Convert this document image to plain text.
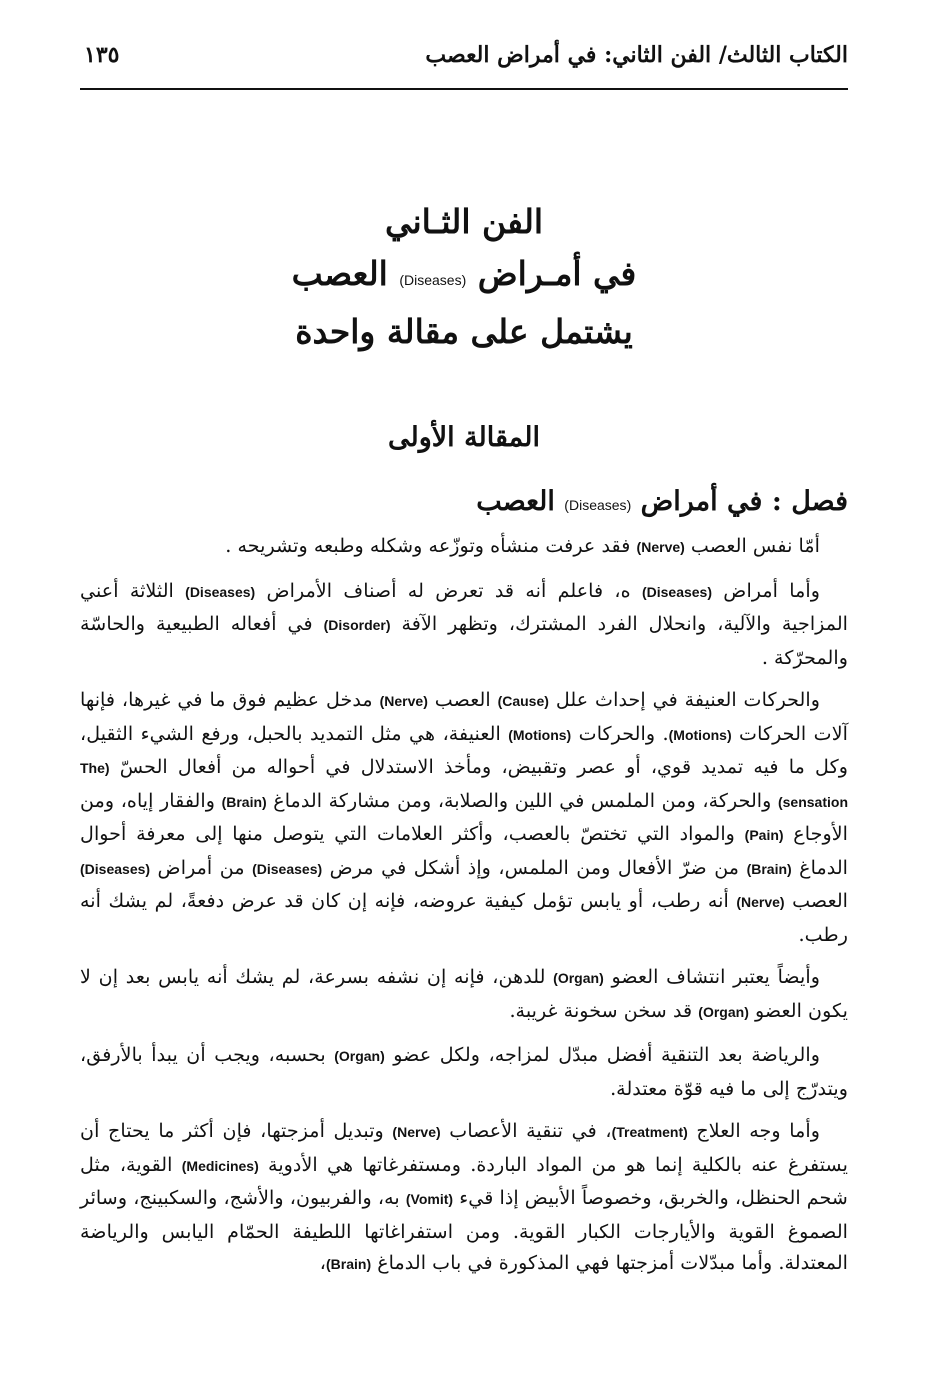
الكتاب الثالث/ الفن الثاني: في أمراض العصب
١٣٥
الفن الثـاني
في أمـراض (Diseases) العصب
يشتمل على مقالة واحدة
المقالة الأولى
فصل : في أمراض (Diseases) العصب

أمّا نفس العصب (Nerve) فقد عرفت منشأه وتوزّعه وشكله وطبعه وتشريحه .

وأما أمراض (Diseases) ه، فاعلم أنه قد تعرض له أصناف الأمراض (Diseases) الثلاثة أعني المزاجية والآلية، وانحلال الفرد المشترك، وتظهر الآفة (Disorder) في أفعاله الطبيعية والحاسّة والمحرّكة .

والحركات العنيفة في إحداث علل (Cause) العصب (Nerve) مدخل عظيم فوق ما في غيرها، فإنها آلات الحركات (Motions). والحركات (Motions) العنيفة، هي مثل التمديد بالحبل، ورفع الشيء الثقيل، وكل ما فيه تمديد قوي، أو عصر وتقبيض، ومأخذ الاستدلال في أحواله من أفعال الحسّ (The sensation) والحركة، ومن الملمس في اللين والصلابة، ومن مشاركة الدماغ (Brain) والفقار إياه، ومن الأوجاع (Pain) والمواد التي تختصّ بالعصب، وأكثر العلامات التي يتوصل منها إلى معرفة أحوال الدماغ (Brain) من ضرّ الأفعال ومن الملمس، وإذ أشكل في مرض (Diseases) من أمراض (Diseases) العصب (Nerve) أنه رطب، أو يابس تؤمل كيفية عروضه، فإنه إن كان قد عرض دفعةً، لم يشك أنه رطب.

وأيضاً يعتبر انتشاف العضو (Organ) للدهن، فإنه إن نشفه بسرعة، لم يشك أنه يابس بعد إن لا يكون العضو (Organ) قد سخن سخونة غريبة.

والرياضة بعد التنقية أفضل مبدّل لمزاجه، ولكل عضو (Organ) بحسبه، ويجب أن يبدأ بالأرفق، ويتدرّج إلى ما فيه قوّة معتدلة.

وأما وجه العلاج (Treatment)، في تنقية الأعصاب (Nerve) وتبديل أمزجتها، فإن أكثر ما يحتاج أن يستفرغ عنه بالكلية إنما هو من المواد الباردة. ومستفرغاتها هي الأدوية (Medicines) القوية، مثل شحم الحنظل، والخربق، وخصوصاً الأبيض إذا قيء (Vomit) به، والفربيون، والأشج، والسكبينج، وسائر الصموغ القوية والأيارجات الكبار القوية. ومن استفراغاتها اللطيفة الحمّام اليابس والرياضة المعتدلة. وأما مبدّلات أمزجتها فهي المذكورة في باب الدماغ (Brain)،
